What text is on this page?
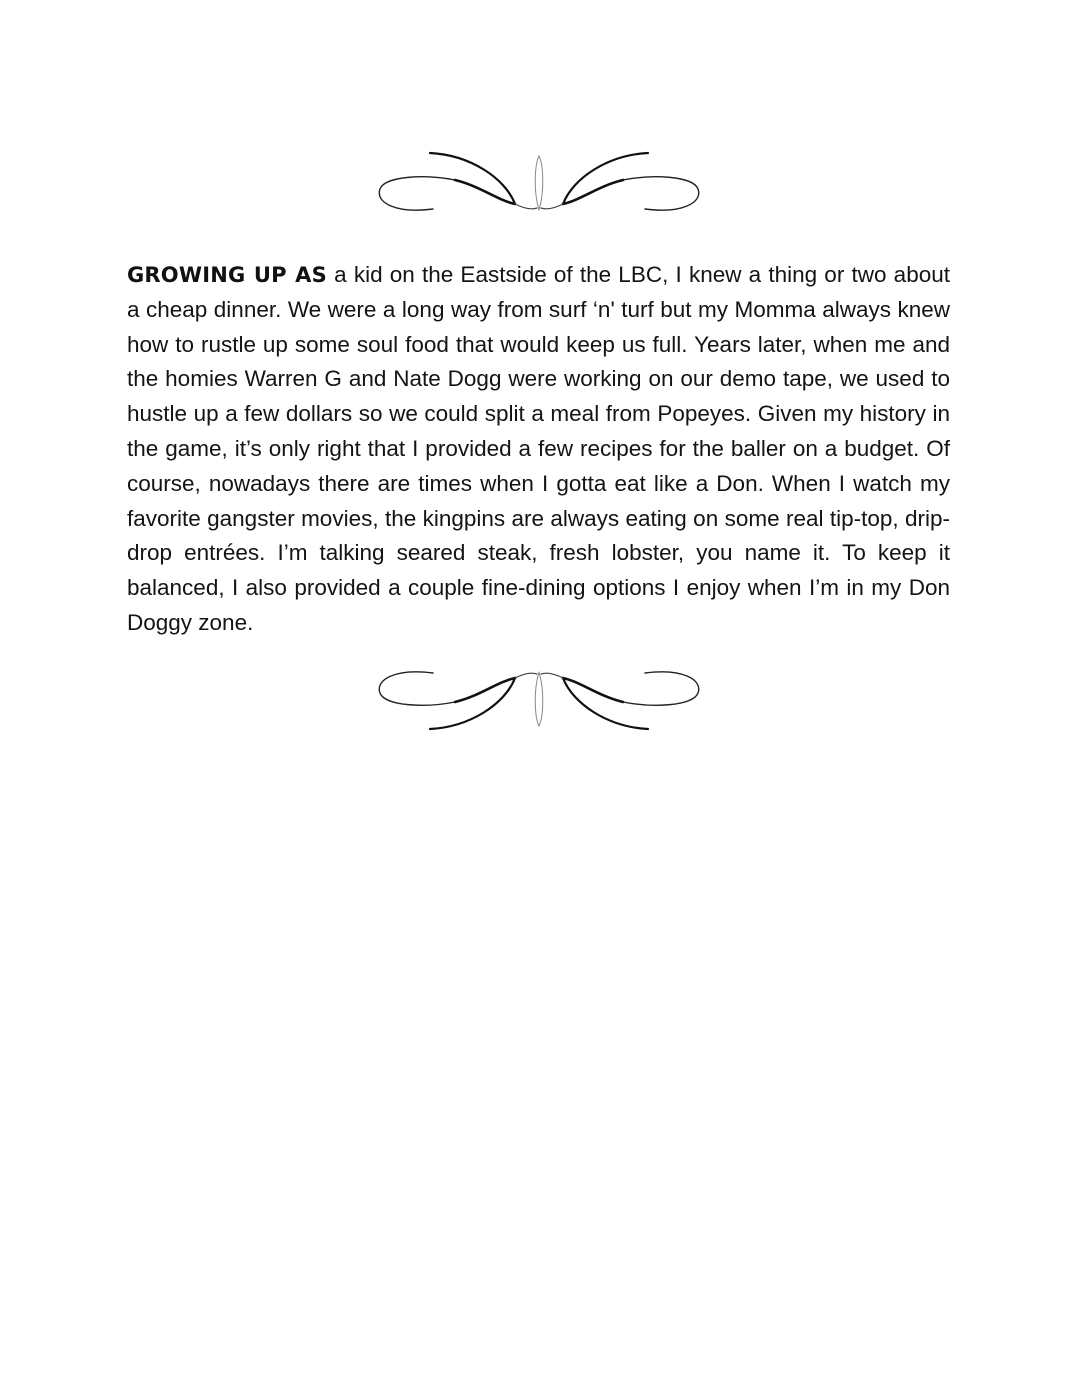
GROWING UP AS a kid on the Eastside of the LBC, I knew a thing or two about a cheap dinner. We were a long way from surf ‘n' turf but my Momma always knew how to rustle up some soul food that would keep us full. Years later, when me and the homies Warren G and Nate Dogg were working on our demo tape, we used to hustle up a few dollars so we could split a meal from Popeyes. Given my history in the game, it’s only right that I provided a few recipes for the baller on a budget. Of course, nowadays there are times when I gotta eat like a Don. When I watch my favorite gangster movies, the kingpins are always eating on some real tip-top, drip-drop entrées. I’m talking seared steak, fresh lobster, you name it. To keep it balanced, I also provided a couple fine-dining options I enjoy when I’m in my Don Doggy zone.
